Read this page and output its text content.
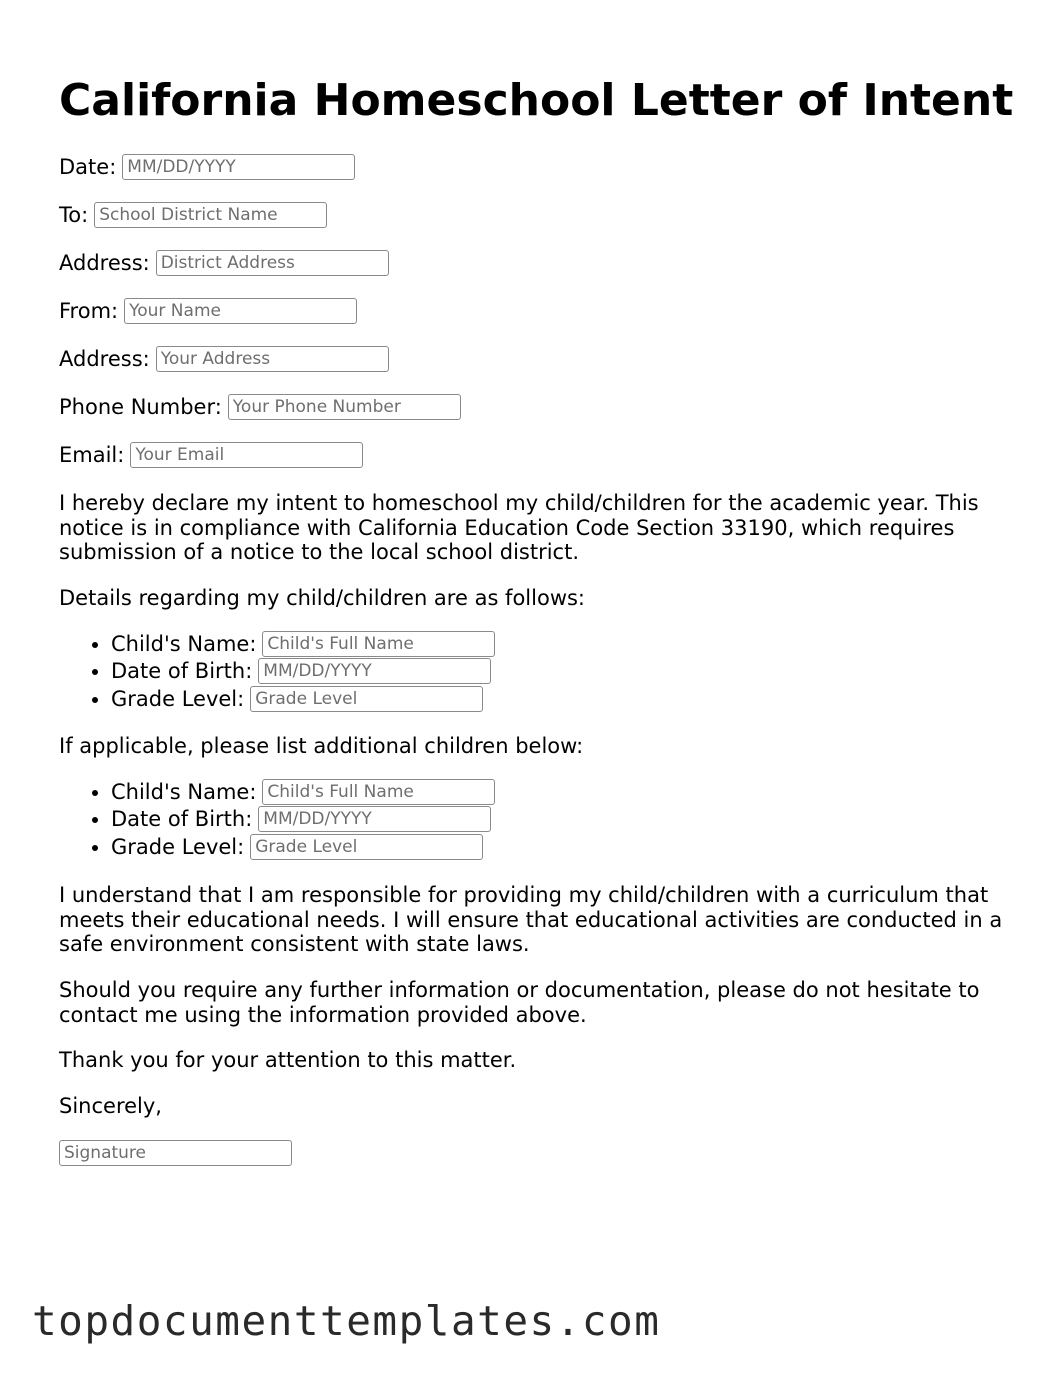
California Homeschool Letter of Intent
Date:
MM/DD/YYYY
To:
School District Name
Address:
District Address
From:
Your Name
Address:
Your Address
Phone Number:
Your Phone Number
Email:
Your Email

I hereby declare my intent to homeschool my child/children for the academic year. This notice is in compliance with California Education Code Section 33190, which requires submission of a notice to the local school district.

Details regarding my child/children are as follows:

• Child's Name:Child's Full Name
• Date of Birth:MM/DD/YYYY
• Grade Level:Grade Level

If applicable, please list additional children below:

• Child's Name:Child's Full Name
• Date of Birth:MM/DD/YYYY
• Grade Level:Grade Level

I understand that I am responsible for providing my child/children with a curriculum that meets their educational needs. I will ensure that educational activities are conducted in a safe environment consistent with state laws.

Should you require any further information or documentation, please do not hesitate to contact me using the information provided above.

Thank you for your attention to this matter.

Sincerely,

Signature
topdocumenttemplates.com
